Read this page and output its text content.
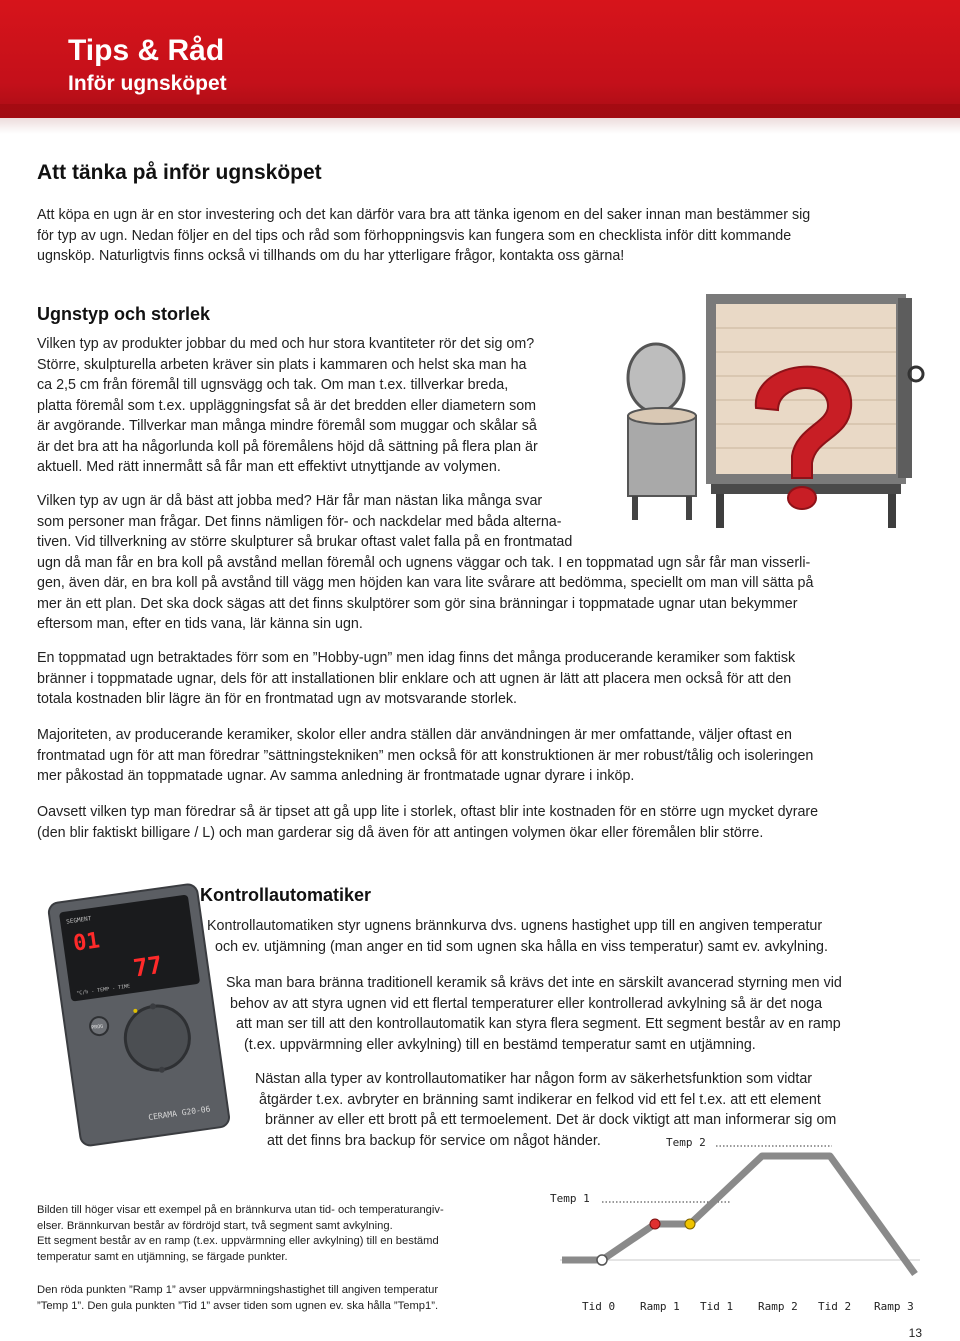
Tips & Råd
Inför ugnsköpet
Att tänka på inför ugnsköpet
Att köpa en ugn är en stor investering och det kan därför vara bra att tänka igenom en del saker innan man bestämmer sig
för typ av ugn. Nedan följer en del tips och råd som förhoppningsvis kan fungera som en checklista inför ditt kommande
ugnsköp. Naturligtvis finns också vi tillhands om du har ytterligare frågor, kontakta oss gärna!
Ugnstyp och storlek
Vilken typ av produkter jobbar du med och hur stora kvantiteter rör det sig om?
Större, skulpturella arbeten kräver sin plats i kammaren och helst ska man ha
ca 2,5 cm från föremål till ugnsvägg och tak. Om man t.ex. tillverkar breda,
platta föremål som t.ex. uppläggningsfat så är det bredden eller diametern som
är avgörande. Tillverkar man många mindre föremål som muggar och skålar så
är det bra att ha någorlunda koll på föremålens höjd då sättning på flera plan är
aktuell. Med rätt innermått så får man ett effektivt utnyttjande av volymen.
Vilken typ av ugn är då bäst att jobba med? Här får man nästan lika många svar
som personer man frågar. Det finns nämligen för- och nackdelar med båda alterna-
tiven. Vid tillverkning av större skulpturer så brukar oftast valet falla på en frontmatad
ugn då man får en bra koll på avstånd mellan föremål och ugnens väggar och tak. I en toppmatad ugn sår får man visserli-
gen, även där, en bra koll på avstånd till vägg men höjden kan vara lite svårare att bedömma, speciellt om man vill sätta på
mer än ett plan. Det ska dock sägas att det finns skulptörer som gör sina bränningar i toppmatade ugnar utan bekymmer
eftersom man, efter en tids vana, lär känna sin ugn.
En toppmatad ugn betraktades förr som en ”Hobby-ugn” men idag finns det många producerande keramiker som faktisk
bränner i toppmatade ugnar, dels för att installationen blir enklare och att ugnen är lätt att placera men också för att den
totala kostnaden blir lägre än för en frontmatad ugn av motsvarande storlek.
Majoriteten, av producerande keramiker, skolor eller andra ställen där användningen är mer omfattande, väljer oftast en
frontmatad ugn för att man föredrar ”sättningstekniken” men också för att konstruktionen är mer robust/tålig och isoleringen
mer påkostad än toppmatade ugnar. Av samma anledning är frontmatade ugnar dyrare i inköp.
Oavsett vilken typ man föredrar så är tipset att gå upp lite i storlek, oftast blir inte kostnaden för en större ugn mycket dyrare
(den blir faktiskt billigare / L) och man garderar sig då även för att antingen volymen ökar eller föremålen blir större.
Kontrollautomatiker
Kontrollautomatiken styr ugnens brännkurva dvs. ugnens hastighet upp till en angiven temperatur
och ev. utjämning (man anger en tid som ugnen ska hålla en viss temperatur) samt ev. avkylning.
Ska man bara bränna traditionell keramik så krävs det inte en särskilt avancerad styrning men vid
behov av att styra ugnen vid ett flertal temperaturer eller kontrollerad avkylning så är det noga
att man ser till att den kontrollautomatik kan styra flera segment. Ett segment består av en ramp
(t.ex. uppvärmning eller avkylning) till en bestämd temperatur samt en utjämning.
Nästan alla typer av kontrollautomatiker har någon form av säkerhetsfunktion som vidtar
åtgärder t.ex. avbryter en bränning samt indikerar en felkod vid ett fel t.ex. att ett element
bränner av eller ett brott på ett termoelement. Det är dock viktigt att man informerar sig om
att det finns bra backup för service om något händer.
SEGMENT
01
77
°C/h - TEMP - TIME
PROG
CERAMA G20-06
Bilden till höger visar ett exempel på en brännkurva utan tid- och temperaturangiv-
elser. Brännkurvan består av fördröjd start, två segment samt avkylning.
Ett segment består av en ramp (t.ex. uppvärmning eller avkylning) till en bestämd
temperatur samt en utjämning, se färgade punkter.
Den röda punkten ”Ramp 1” avser uppvärmningshastighet till angiven temperatur
”Temp 1”. Den gula punkten ”Tid 1” avser tiden som ugnen ev. ska hålla ”Temp1”.
Temp 2
Temp 1
Tid 0 Ramp 1 Tid 1 Ramp 2 Tid 2 Ramp 3
13
